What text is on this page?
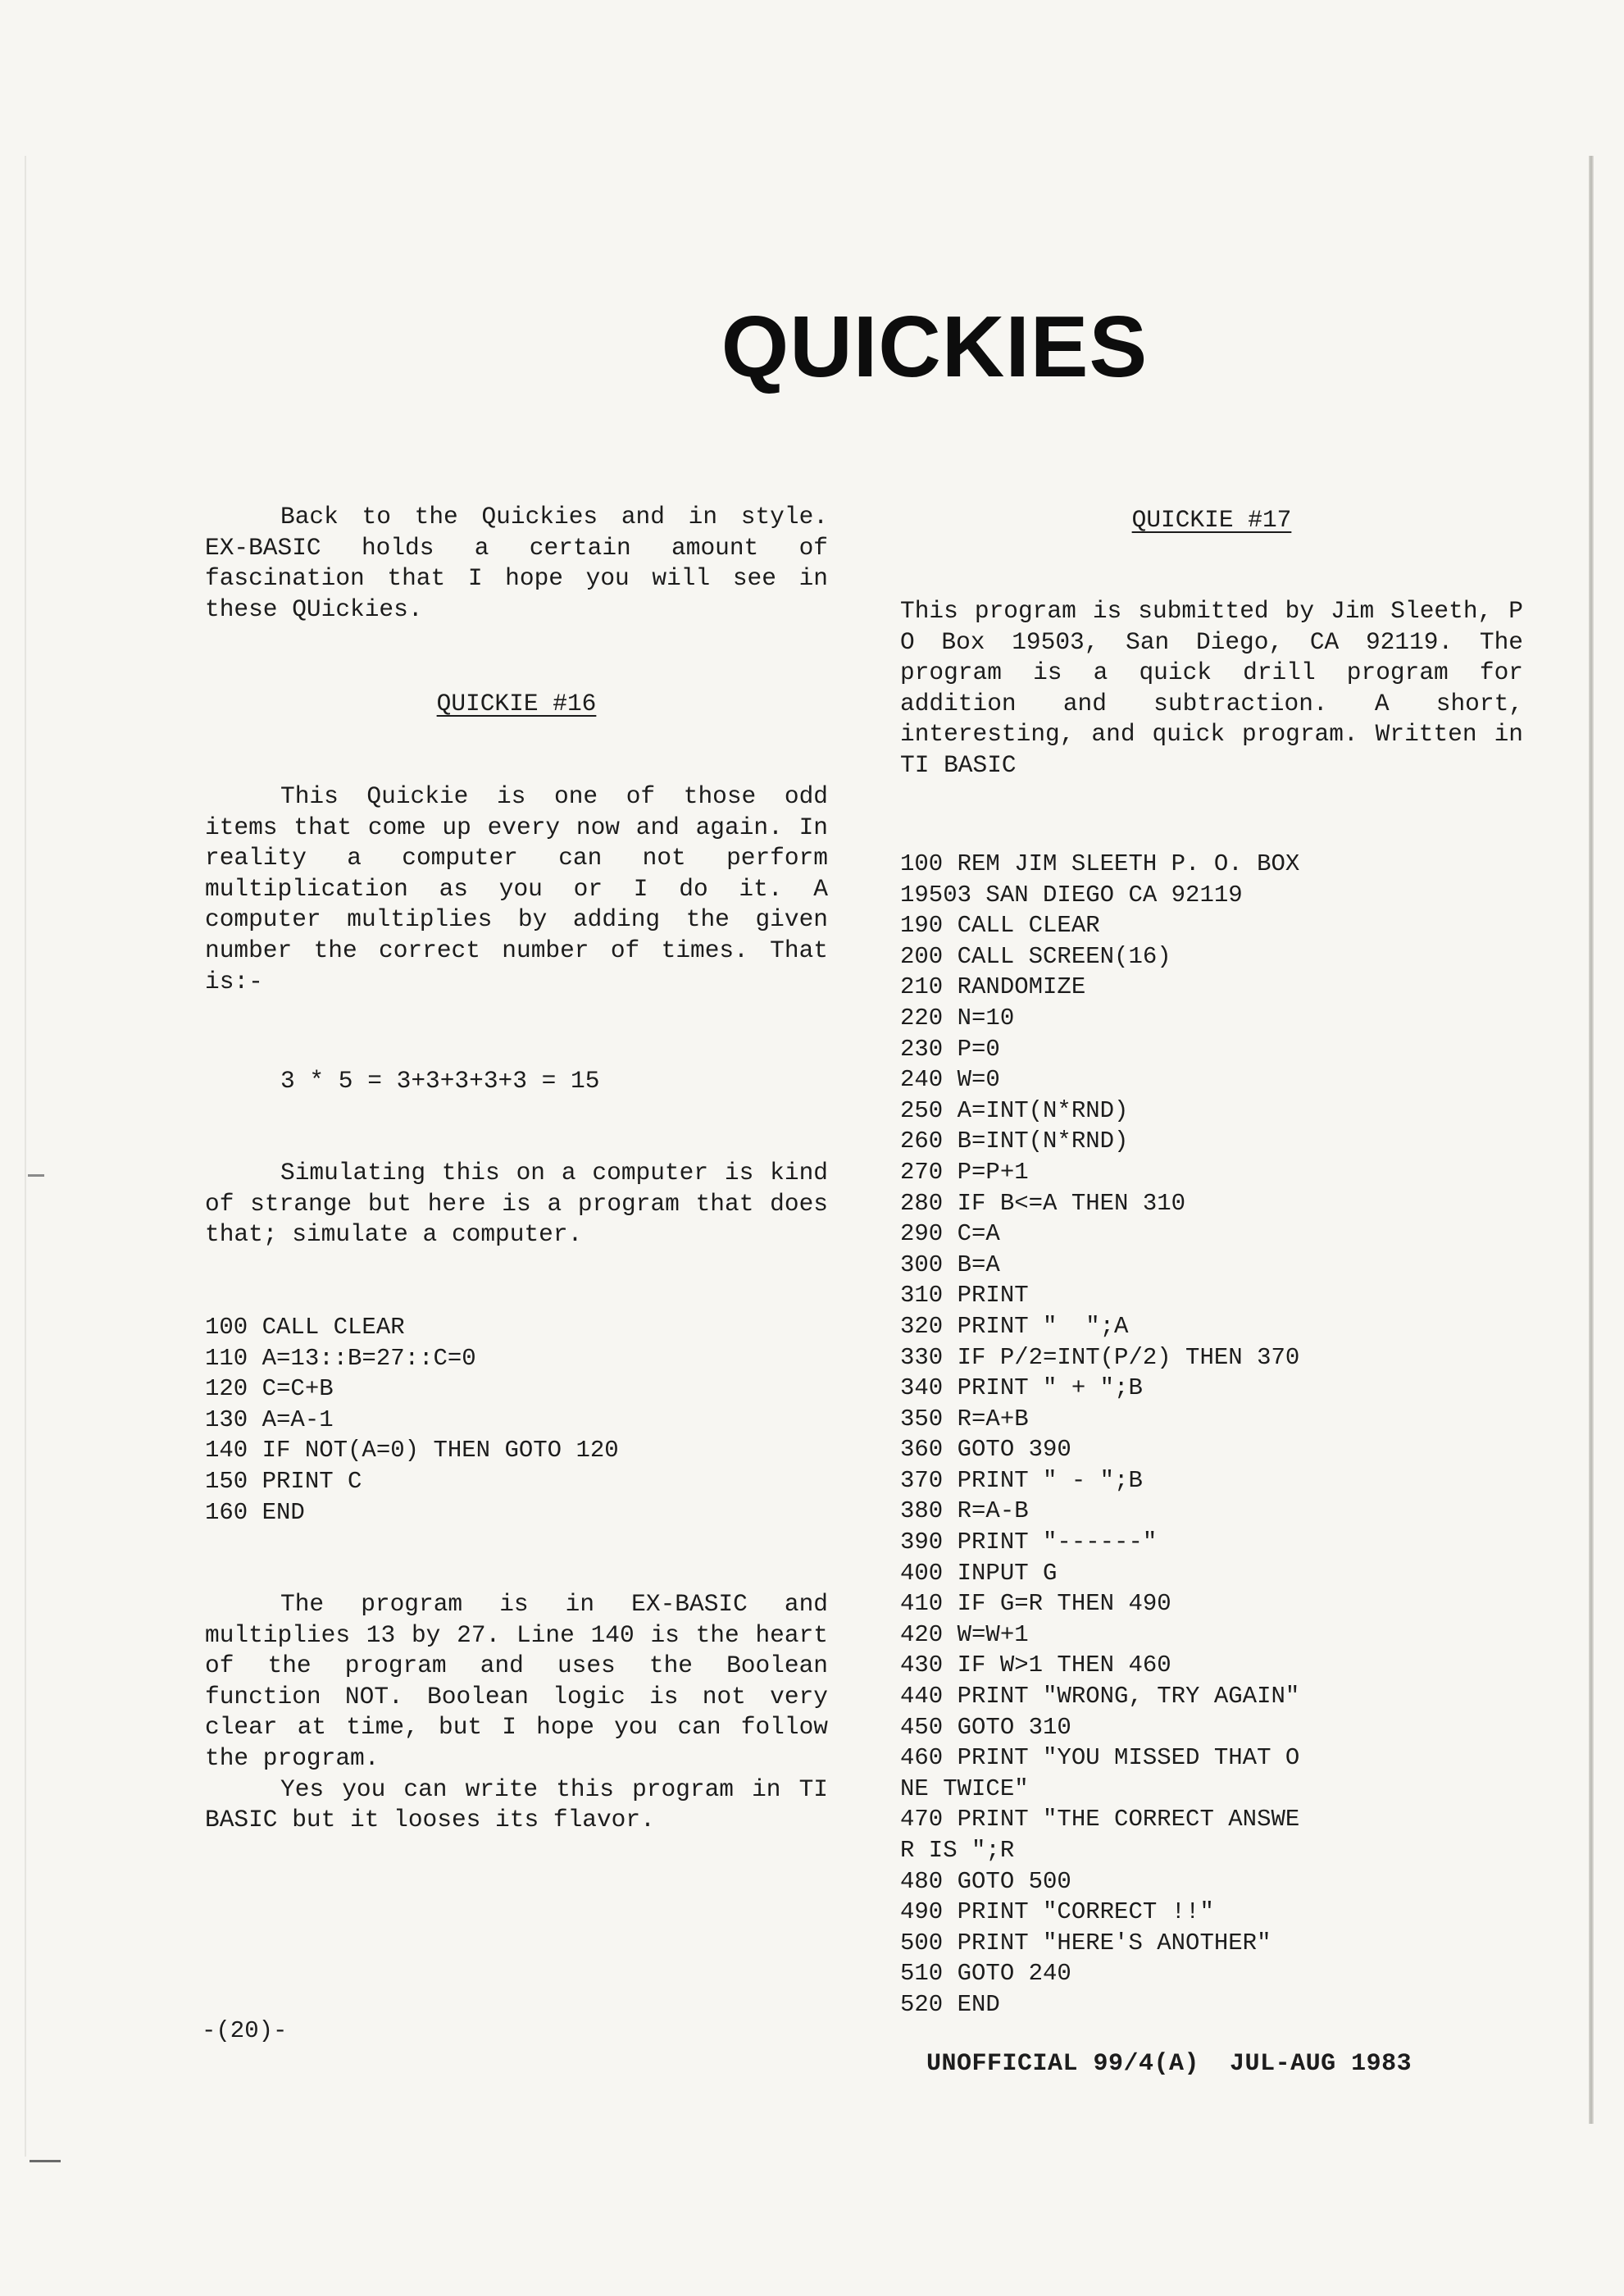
QUICKIES

Back to the Quickies and in style. EX-BASIC holds a certain amount of fascination that I hope you will see in these QUickies.

QUICKIE #16

This Quickie is one of those odd items that come up every now and again. In reality a computer can not perform multiplication as you or I do it. A computer multiplies by adding the given number the correct number of times. That is:-

3 * 5 = 3+3+3+3+3 = 15

Simulating this on a computer is kind of strange but here is a program that does that; simulate a computer.

100 CALL CLEAR

110 A=13::B=27::C=0

120 C=C+B

130 A=A-1

140 IF NOT(A=0) THEN GOTO 120

150 PRINT C

160 END

The program is in EX-BASIC and multiplies 13 by 27. Line 140 is the heart of the program and uses the Boolean function NOT. Boolean logic is not very clear at time, but I hope you can follow the program.

Yes you can write this program in TI BASIC but it looses its flavor.

QUICKIE #17

This program is submitted by Jim Sleeth, P O Box 19503, San Diego, CA 92119. The program is a quick drill program for addition and subtraction. A short, interesting, and quick program. Written in TI BASIC

100 REM JIM SLEETH P. O. BOX

19503 SAN DIEGO CA 92119

190 CALL CLEAR

200 CALL SCREEN(16)

210 RANDOMIZE

220 N=10

230 P=0

240 W=0

250 A=INT(N*RND)

260 B=INT(N*RND)

270 P=P+1

280 IF B<=A THEN 310

290 C=A

300 B=A

310 PRINT

320 PRINT "  ";A

330 IF P/2=INT(P/2) THEN 370

340 PRINT " + ";B

350 R=A+B

360 GOTO 390

370 PRINT " - ";B

380 R=A-B

390 PRINT "------"

400 INPUT G

410 IF G=R THEN 490

420 W=W+1

430 IF W>1 THEN 460

440 PRINT "WRONG, TRY AGAIN"

450 GOTO 310

460 PRINT "YOU MISSED THAT O

NE TWICE"

470 PRINT "THE CORRECT ANSWE

R IS ";R

480 GOTO 500

490 PRINT "CORRECT !!"

500 PRINT "HERE'S ANOTHER"

510 GOTO 240

520 END

-(20)-

UNOFFICIAL 99/4(A)  JUL-AUG 1983
